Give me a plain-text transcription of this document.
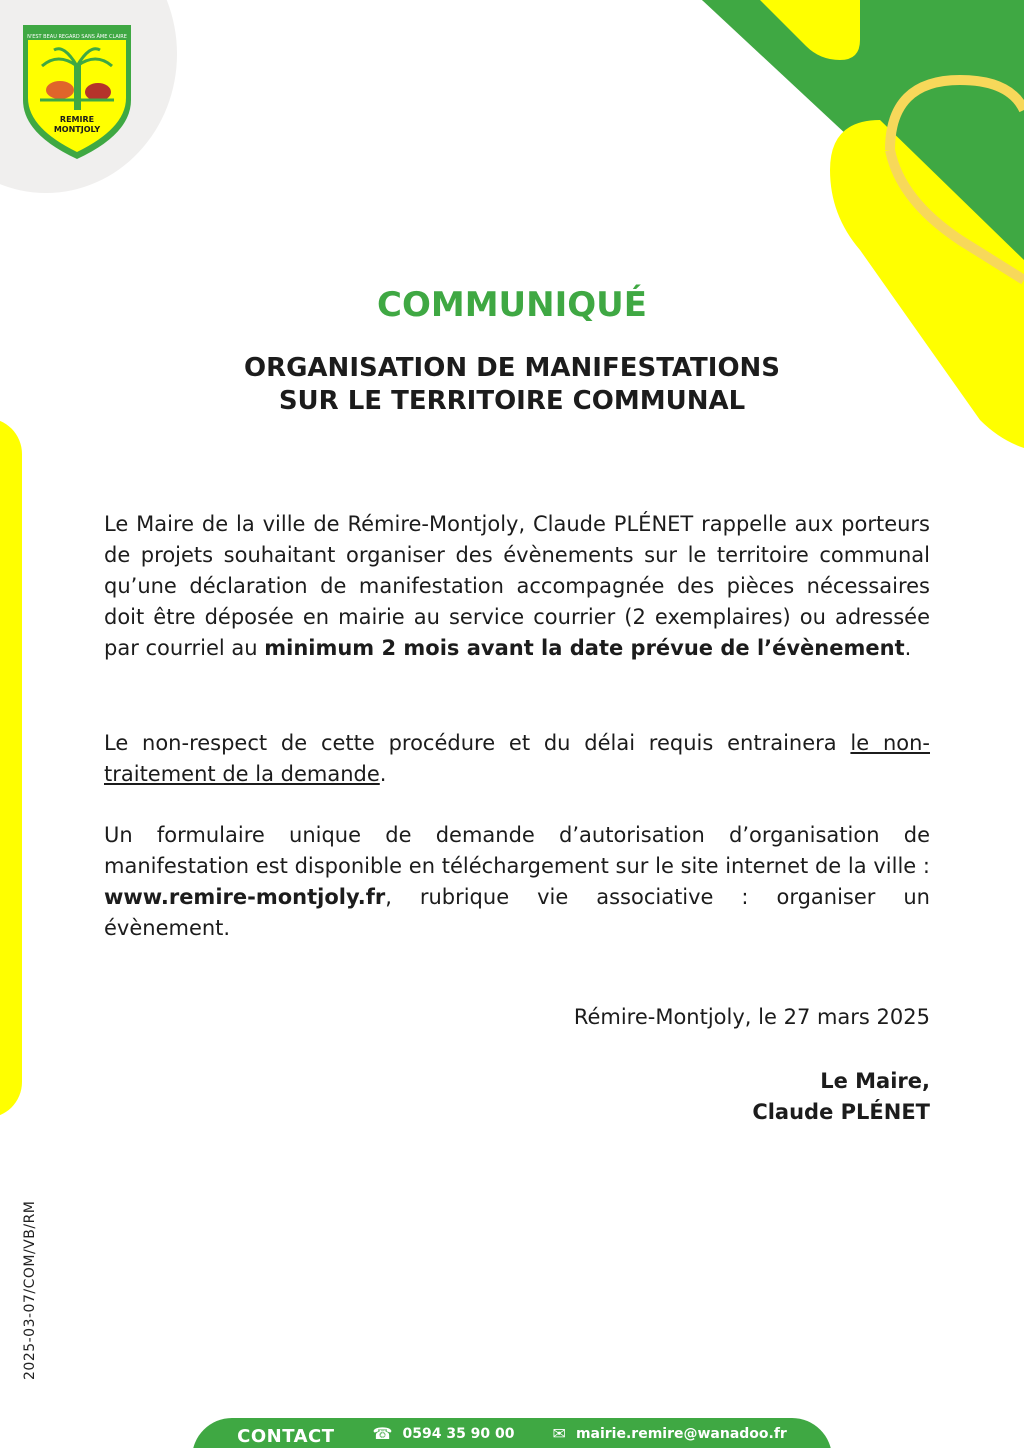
N'EST BEAU REGARD SANS ÂME CLAIRE
REMIRE
MONTJOLY
COMMUNIQUÉ
ORGANISATION DE MANIFESTATIONS
SUR LE TERRITOIRE COMMUNAL
Le Maire de la ville de Rémire-Montjoly, Claude PLÉNET rappelle aux porteurs de projets souhaitant organiser des évènements sur le territoire communal qu’une déclaration de manifestation accompagnée des pièces nécessaires doit être déposée en mairie au service courrier (2 exemplaires) ou adressée par courriel au minimum 2 mois avant la date prévue de l’évènement.
Le non-respect de cette procédure et du délai requis entrainera le non-traitement de la demande.
Un formulaire unique de demande d’autorisation d’organisation de manifestation est disponible en téléchargement sur le site internet de la ville : www.remire-montjoly.fr, rubrique vie associative : organiser un évènement.
Rémire-Montjoly, le 27 mars 2025
Le Maire,
Claude PLÉNET
2025-03-07/COM/VB/RM
CONTACT ☎ 0594 35 90 00 ✉ mairie.remire@wanadoo.fr
